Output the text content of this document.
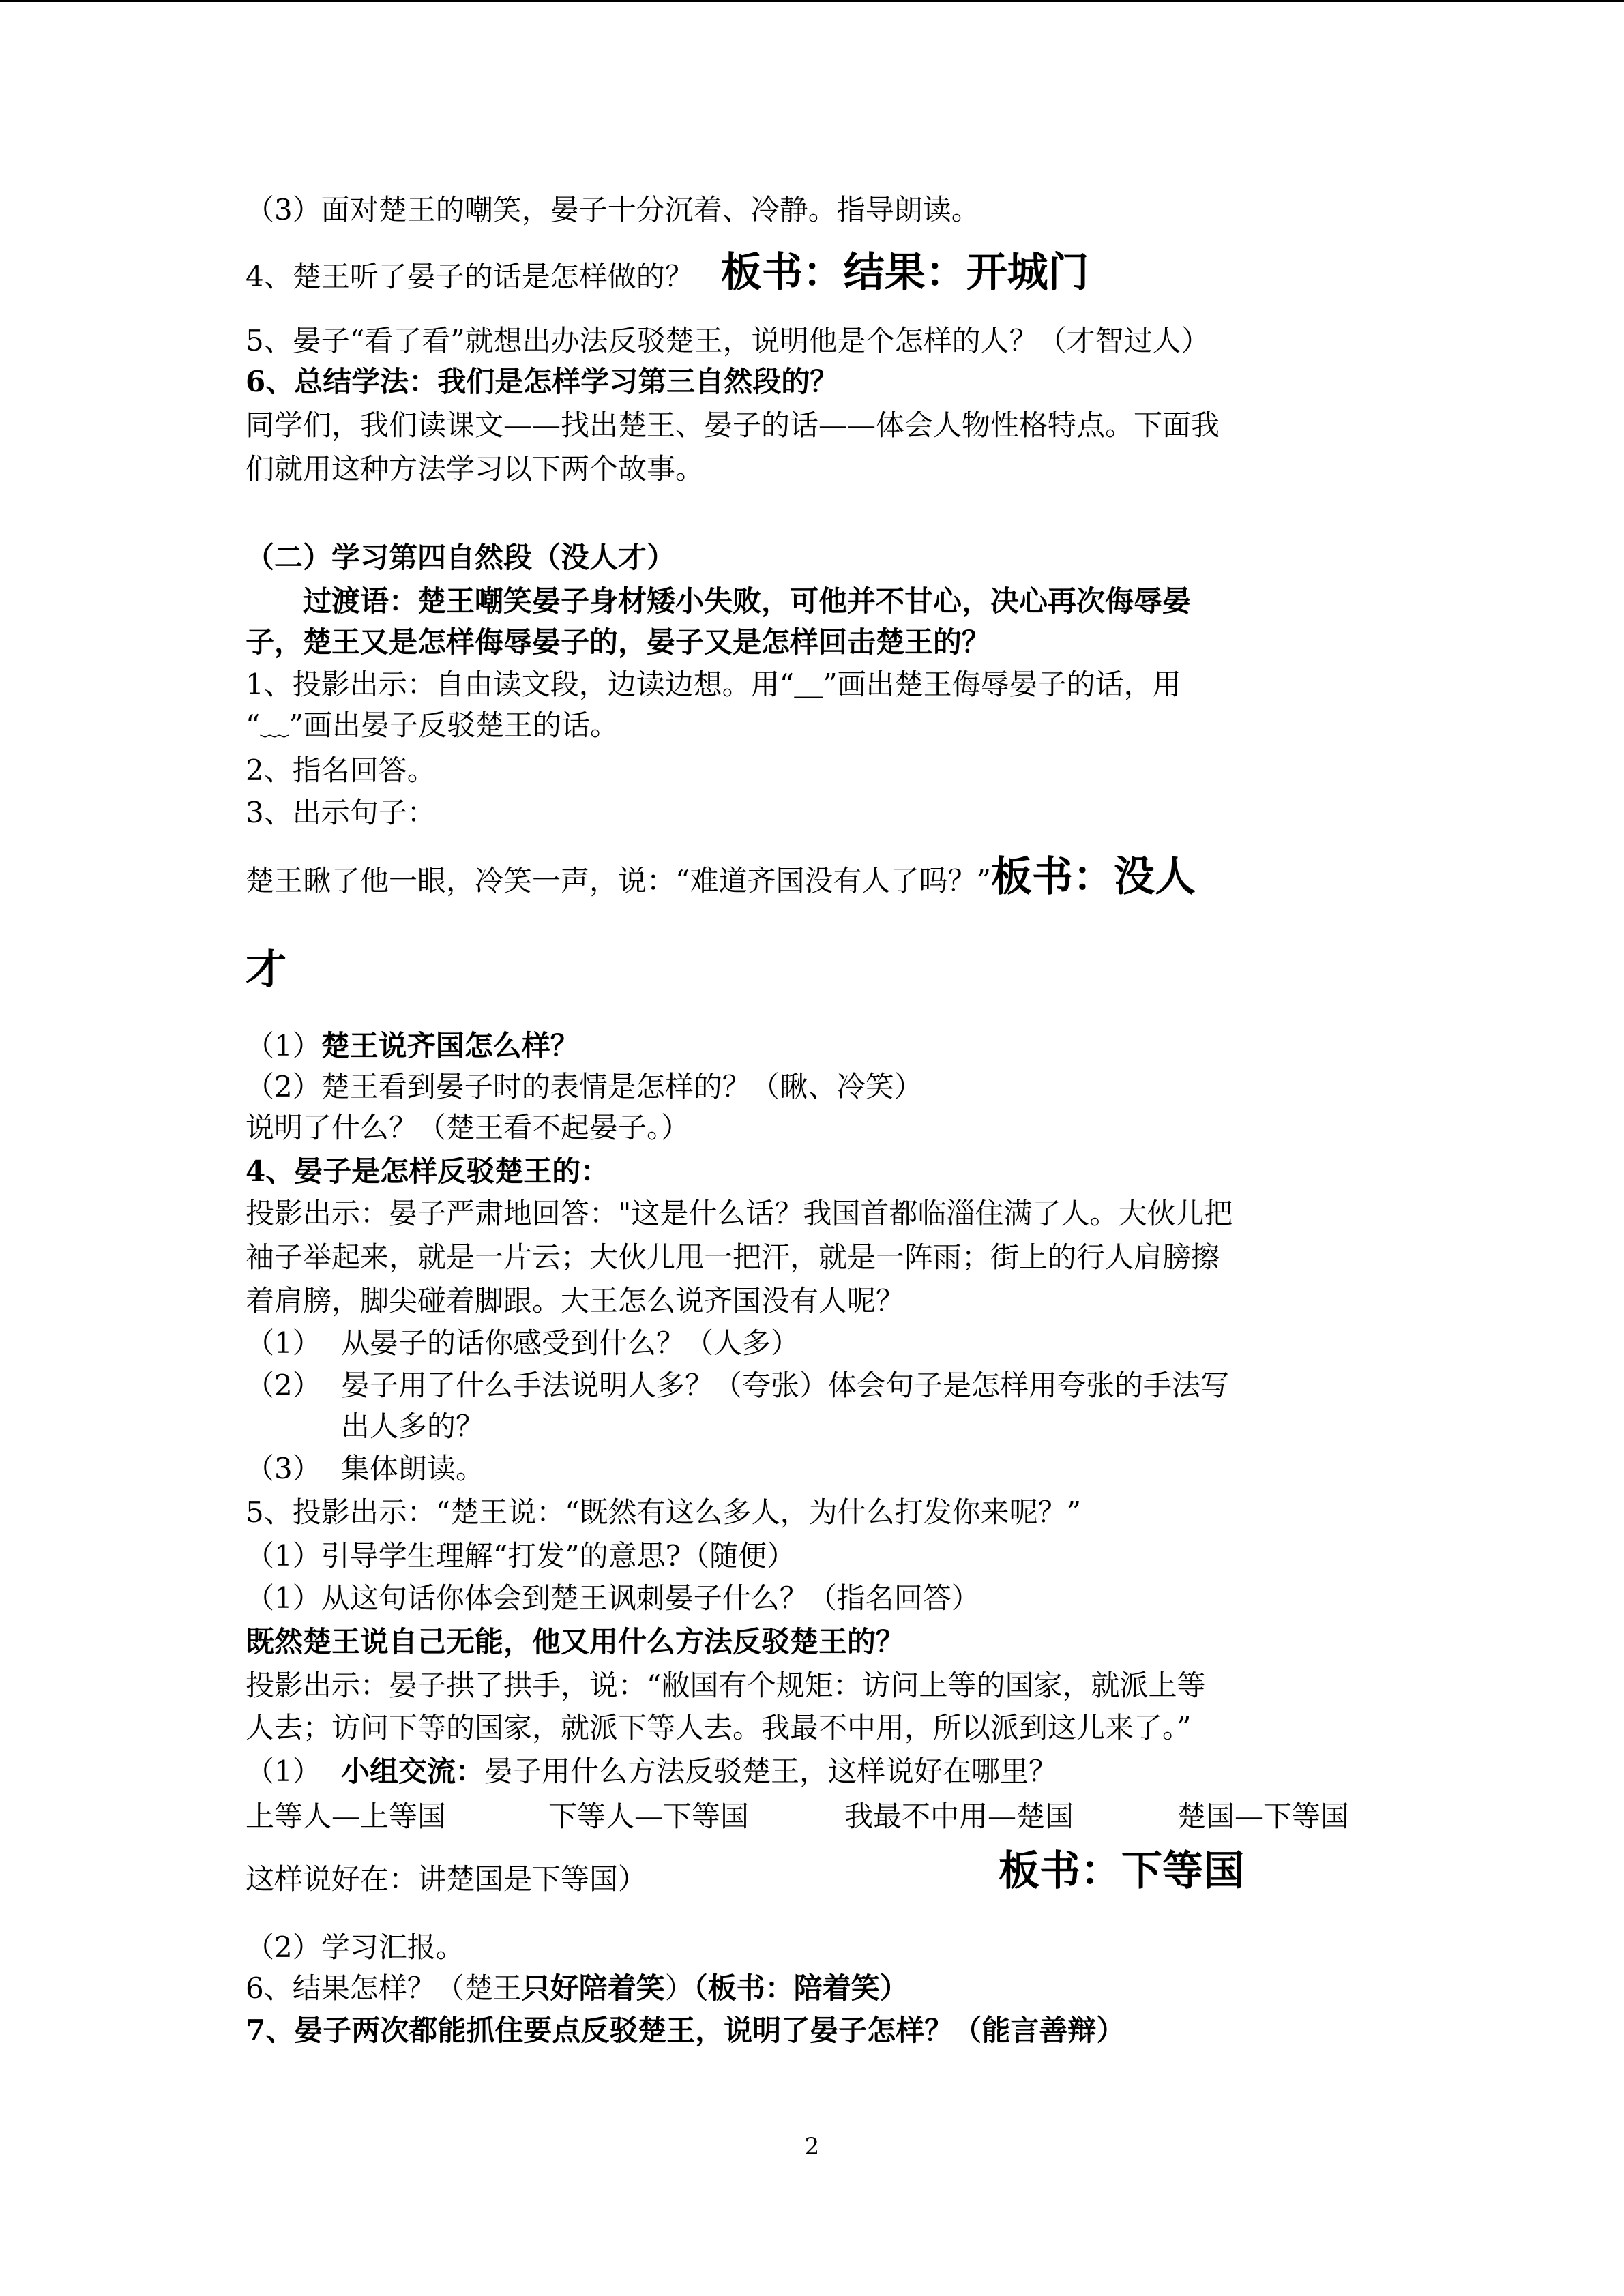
（3）面对楚王的嘲笑，晏子十分沉着、冷静。指导朗读。
4、楚王听了晏子的话是怎样做的？ 板书：结果：开城门
5、晏子“看了看”就想出办法反驳楚王，说明他是个怎样的人？（才智过人）
6、总结学法：我们是怎样学习第三自然段的？
同学们，我们读课文——找出楚王、晏子的话——体会人物性格特点。下面我
们就用这种方法学习以下两个故事。
（二）学习第四自然段（没人才）
过渡语：楚王嘲笑晏子身材矮小失败，可他并不甘心，决心再次侮辱晏
子，楚王又是怎样侮辱晏子的，晏子又是怎样回击楚王的？
1、投影出示：自由读文段，边读边想。用“＿”画出楚王侮辱晏子的话，用
“﹏”画出晏子反驳楚王的话。
2、指名回答。
3、出示句子：
楚王瞅了他一眼，冷笑一声，说：“难道齐国没有人了吗？”板书：没人
才
（1）楚王说齐国怎么样？
（2）楚王看到晏子时的表情是怎样的？（瞅、冷笑）
说明了什么？（楚王看不起晏子。）
4、晏子是怎样反驳楚王的：
投影出示：晏子严肃地回答："这是什么话？我国首都临淄住满了人。大伙儿把
袖子举起来，就是一片云；大伙儿甩一把汗，就是一阵雨；街上的行人肩膀擦
着肩膀，脚尖碰着脚跟。大王怎么说齐国没有人呢？
（1） 从晏子的话你感受到什么？（人多）
（2） 晏子用了什么手法说明人多？（夸张）体会句子是怎样用夸张的手法写
出人多的？
（3） 集体朗读。
5、投影出示：“楚王说：“既然有这么多人，为什么打发你来呢？”
（1）引导学生理解“打发”的意思?（随便）
（1）从这句话你体会到楚王讽刺晏子什么？（指名回答）
既然楚王说自己无能，他又用什么方法反驳楚王的？
投影出示：晏子拱了拱手，说：“敝国有个规矩：访问上等的国家，就派上等
人去；访问下等的国家，就派下等人去。我最不中用，所以派到这儿来了。”
（1） 小组交流：晏子用什么方法反驳楚王，这样说好在哪里？
上等人—上等国	下等人—下等国	我最不中用—楚国	楚国—下等国
这样说好在：讲楚国是下等国）	板书：下等国
（2）学习汇报。
6、结果怎样？（楚王只好陪着笑）（板书：陪着笑）
7、晏子两次都能抓住要点反驳楚王，说明了晏子怎样？（能言善辩）
2
